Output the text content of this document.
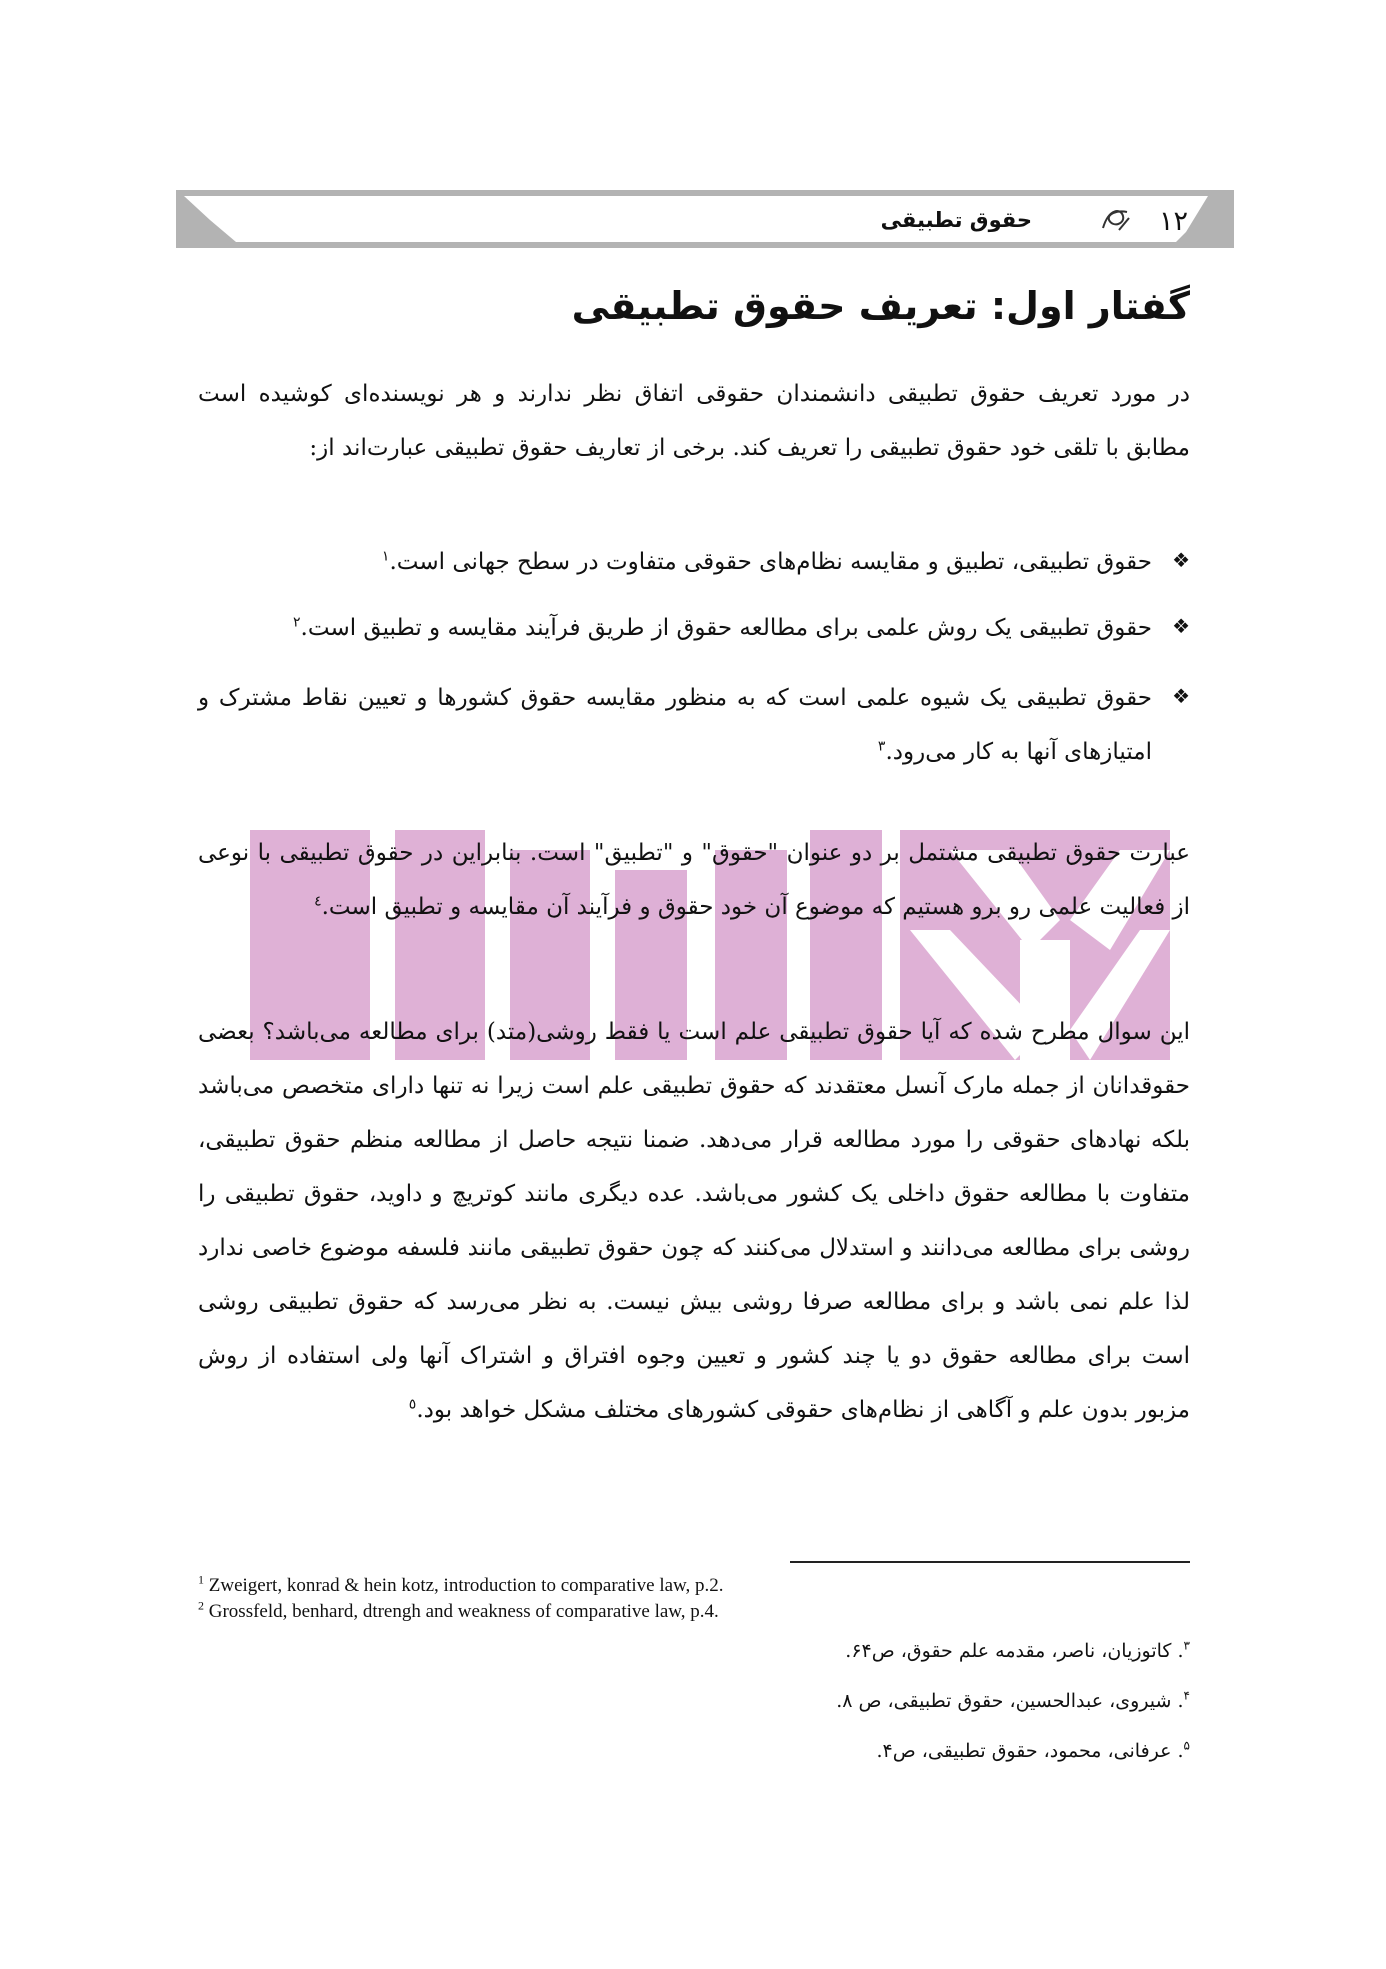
حقوق تطبیقی	۱۲
گفتار اول: تعریف حقوق تطبیقی

در مورد تعریف حقوق تطبیقی دانشمندان حقوقی اتفاق نظر ندارند و هر نویسنده‌ای کوشیده است مطابق با تلقی خود حقوق تطبیقی را تعریف کند. برخی از تعاریف حقوق تطبیقی عبارت‌اند از:

❖
حقوق تطبیقی، تطبیق و مقایسه نظام‌های حقوقی متفاوت در سطح جهانی است.$^۱$
❖
حقوق تطبیقی یک روش علمی برای مطالعه حقوق از طریق فرآیند مقایسه و تطبیق است.$^۲$
❖
حقوق تطبیقی یک شیوه علمی است که به منظور مقایسه حقوق کشورها و تعیین نقاط مشترک و امتیازهای آنها به کار می‌رود.$^۳$

عبارت حقوق تطبیقی مشتمل بر دو عنوان "حقوق" و "تطبیق" است. بنابراین در حقوق تطبیقی با نوعی از فعالیت علمی رو برو هستیم که موضوع آن خود حقوق و فرآیند آن مقایسه و تطبیق است.$^٤$

این سوال مطرح شده که آیا حقوق تطبیقی علم است یا فقط روشی(متد) برای مطالعه می‌باشد؟ بعضی حقوقدانان از جمله مارک آنسل معتقدند که حقوق تطبیقی علم است زیرا نه تنها دارای متخصص می‌باشد بلکه نهادهای حقوقی را مورد مطالعه قرار می‌دهد. ضمنا نتیجه حاصل از مطالعه منظم حقوق تطبیقی، متفاوت با مطالعه حقوق داخلی یک کشور می‌باشد. عده دیگری مانند کوتریچ و داوید، حقوق تطبیقی را روشی برای مطالعه می‌دانند و استدلال می‌کنند که چون حقوق تطبیقی مانند فلسفه موضوع خاصی ندارد لذا علم نمی باشد و برای مطالعه صرفا روشی بیش نیست. به نظر می‌رسد که حقوق تطبیقی روشی است برای مطالعه حقوق دو یا چند کشور و تعیین وجوه افتراق و اشتراک آنها ولی استفاده از روش مزبور بدون علم و آگاهی از نظام‌های حقوقی کشورهای مختلف مشکل خواهد بود.$^٥$

$^1$ Zweigert, konrad & hein kotz, introduction to comparative law, p.2.
$^2$ Grossfeld, benhard, dtrengh and weakness of comparative law, p.4.
$^۳$. کاتوزیان، ناصر، مقدمه علم حقوق، ص۶۴.
$^۴$. شیروی، عبدالحسین، حقوق تطبیقی، ص ۸.
$^۵$. عرفانی، محمود، حقوق تطبیقی، ص۴.
